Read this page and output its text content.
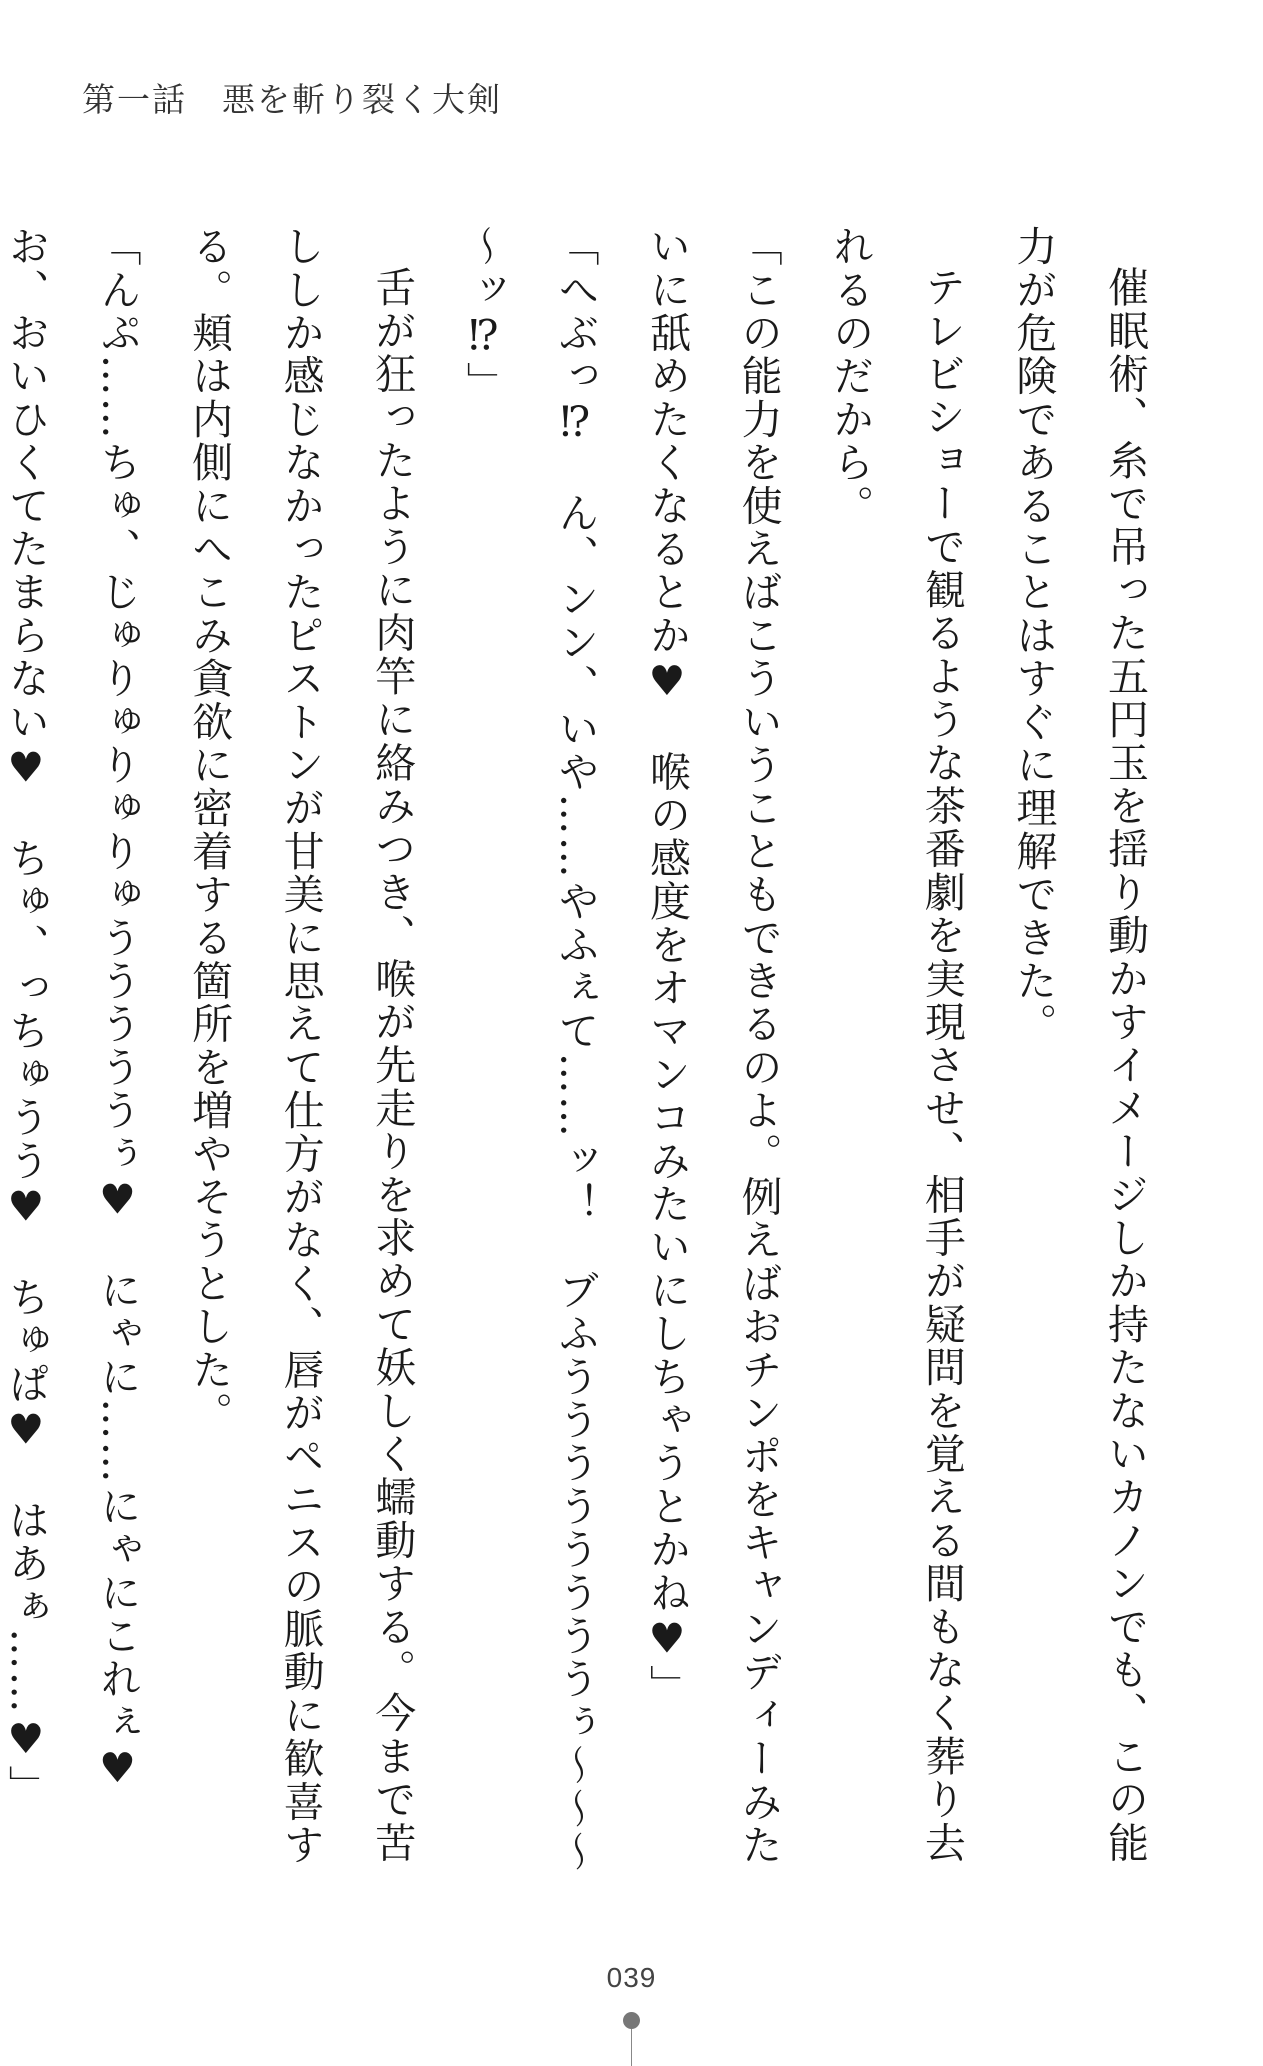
第一話　悪を斬り裂く大剣

催眠術、糸で吊った五円玉を揺り動かすイメージしか持たないカノンでも、この能力が危険であることはすぐに理解できた。

テレビショーで観るような茶番劇を実現させ、相手が疑問を覚える間もなく葬り去れるのだから。

「この能力を使えばこういうこともできるのよ。例えばおチンポをキャンディーみたいに舐めたくなるとか♥　喉の感度をオマンコみたいにしちゃうとかね♥」

「へぶっ⁉　ん、ンン、いや……やふぇて……ッ！　ブふううううううううぅ～～～～ッ⁉」

舌が狂ったように肉竿に絡みつき、喉が先走りを求めて妖しく蠕動する。今まで苦ししか感じなかったピストンが甘美に思えて仕方がなく、唇がペニスの脈動に歓喜する。頬は内側にへこみ貪欲に密着する箇所を増やそうとした。

「んぷ……ちゅ、じゅりゅりゅりゅうううううぅ♥　にゃに……にゃにこれぇ♥　お、おいひくてたまらない♥　ちゅ、っちゅうう♥　ちゅぱ♥　はあぁ……♥」

039
